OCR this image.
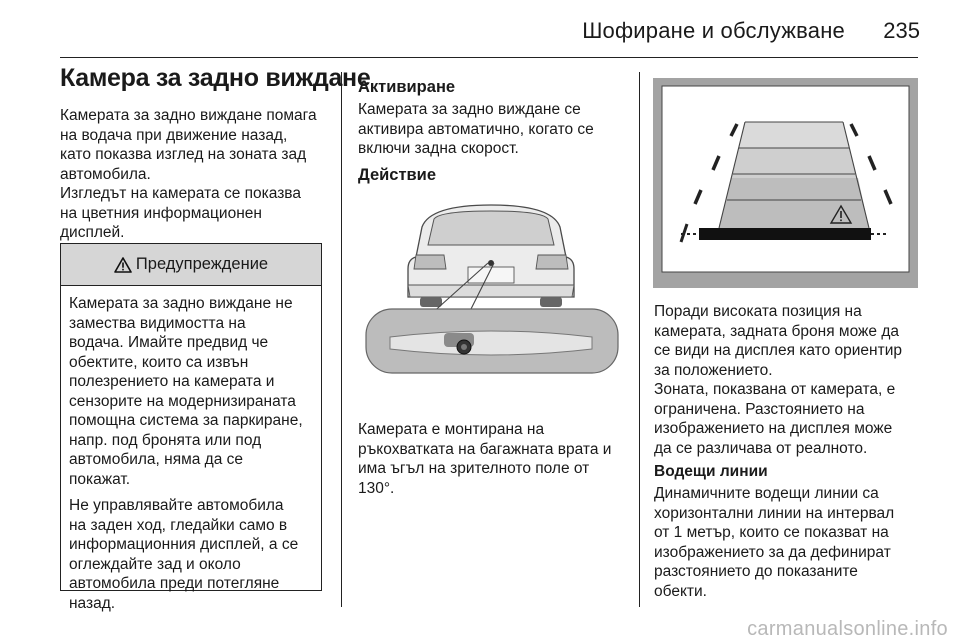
Шофиране и обслужване 235
Камера за задно виждане
Камерата за задно виждане помага
на водача при движение назад,
като показва изглед на зоната зад
автомобила.
Изгледът на камерата се показва
на цветния информационен
дисплей.
Предупреждение

Камерата за задно виждане не
замества видимостта на
водача. Имайте предвид че
обектите, които са извън
полезрението на камерата и
сензорите на модернизираната
помощна система за паркиране,
напр. под бронята или под
автомобила, няма да се
покажат.

Не управлявайте автомобила
на заден ход, гледайки само в
информационния дисплей, а се
оглеждайте зад и около
автомобила преди потегляне
назад.

Активиране
Камерата за задно виждане се
активира автоматично, когато се
включи задна скорост.
Действие
Камерата е монтирана на
ръкохватката на багажната врата и
има ъгъл на зрителното поле от
130°.
Поради високата позиция на
камерата, задната броня може да
се види на дисплея като ориентир
за положението.
Зоната, показвана от камерата, е
ограничена. Разстоянието на
изображението на дисплея може
да се различава от реалното.
Водещи линии
Динамичните водещи линии са
хоризонтални линии на интервал
от 1 метър, които се показват на
изображението за да дефинират
разстоянието до показаните
обекти.
carmanualsonline.info
